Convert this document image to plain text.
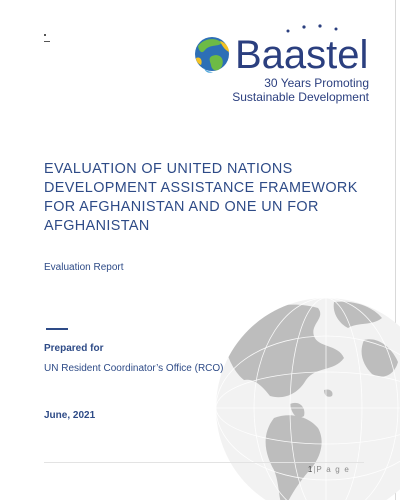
Baastel
30 Years Promoting
Sustainable Development
EVALUATION OF UNITED NATIONS DEVELOPMENT ASSISTANCE FRAMEWORK FOR AFGHANISTAN AND ONE UN FOR AFGHANISTAN
Evaluation Report
Prepared for
UN Resident Coordinator’s Office (RCO)
June, 2021
1|P a g e
